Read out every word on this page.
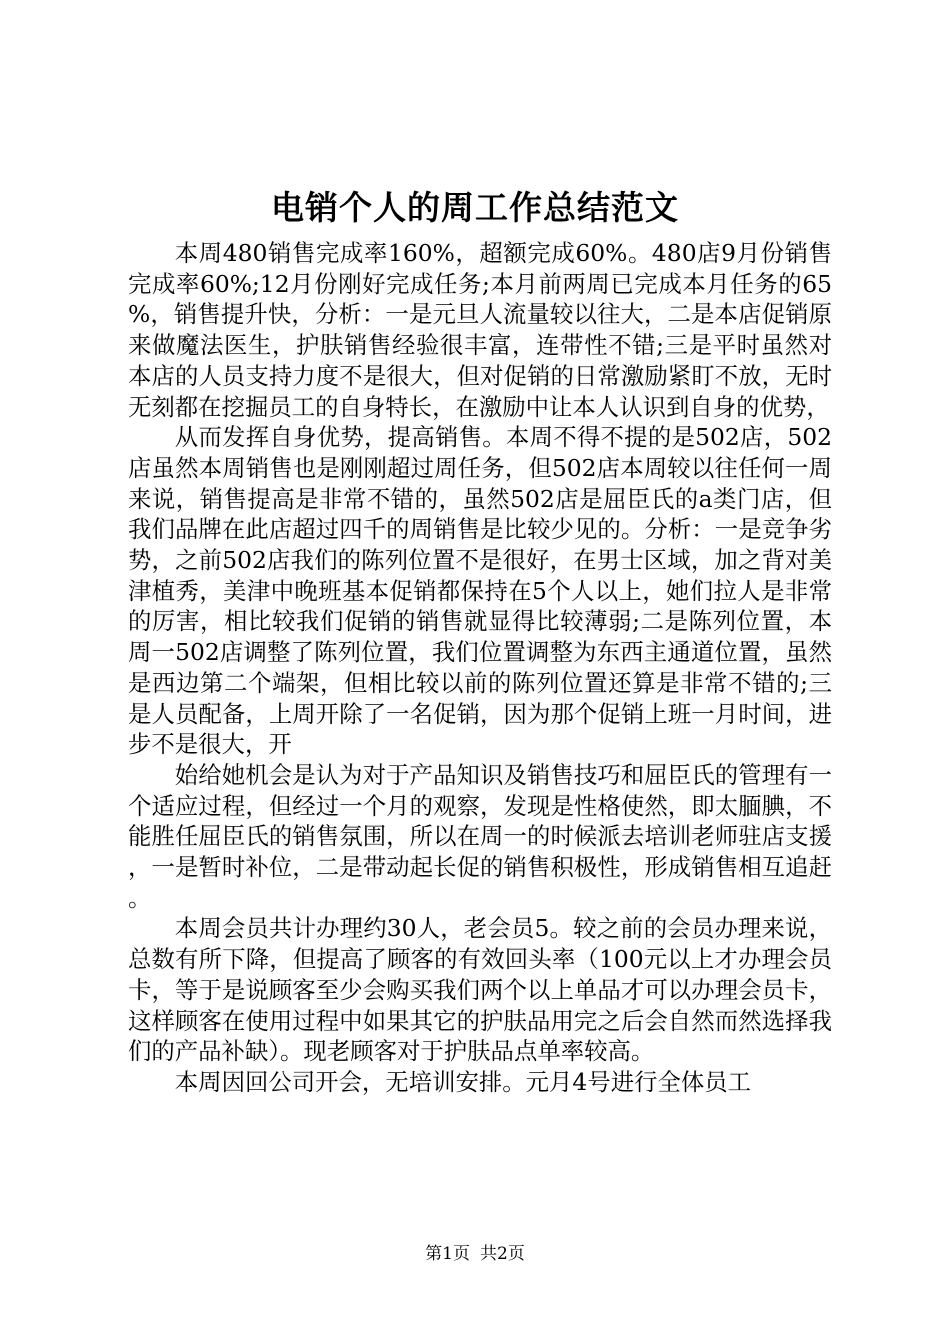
电销个人的周工作总结范文

本周480销售完成率160%，超额完成60%。480店9月份销售完成率60%;12月份刚好完成任务;本月前两周已完成本月任务的65%，销售提升快，分析：一是元旦人流量较以往大，二是本店促销原来做魔法医生，护肤销售经验很丰富，连带性不错;三是平时虽然对本店的人员支持力度不是很大，但对促销的日常激励紧盯不放，无时无刻都在挖掘员工的自身特长，在激励中让本人认识到自身的优势，

从而发挥自身优势，提高销售。本周不得不提的是502店，502店虽然本周销售也是刚刚超过周任务，但502店本周较以往任何一周来说，销售提高是非常不错的，虽然502店是屈臣氏的a类门店，但我们品牌在此店超过四千的周销售是比较少见的。分析：一是竞争劣势，之前502店我们的陈列位置不是很好，在男士区域，加之背对美津植秀，美津中晚班基本促销都保持在5个人以上，她们拉人是非常的厉害，相比较我们促销的销售就显得比较薄弱;二是陈列位置，本周一502店调整了陈列位置，我们位置调整为东西主通道位置，虽然是西边第二个端架，但相比较以前的陈列位置还算是非常不错的;三是人员配备，上周开除了一名促销，因为那个促销上班一月时间，进步不是很大，开

始给她机会是认为对于产品知识及销售技巧和屈臣氏的管理有一个适应过程，但经过一个月的观察，发现是性格使然，即太腼腆，不能胜任屈臣氏的销售氛围，所以在周一的时候派去培训老师驻店支援，一是暂时补位，二是带动起长促的销售积极性，形成销售相互追赶。

本周会员共计办理约30人，老会员5。较之前的会员办理来说，总数有所下降，但提高了顾客的有效回头率（100元以上才办理会员卡，等于是说顾客至少会购买我们两个以上单品才可以办理会员卡，这样顾客在使用过程中如果其它的护肤品用完之后会自然而然选择我们的产品补缺）。现老顾客对于护肤品点单率较高。

本周因回公司开会，无培训安排。元月4号进行全体员工

第1页 共2页
